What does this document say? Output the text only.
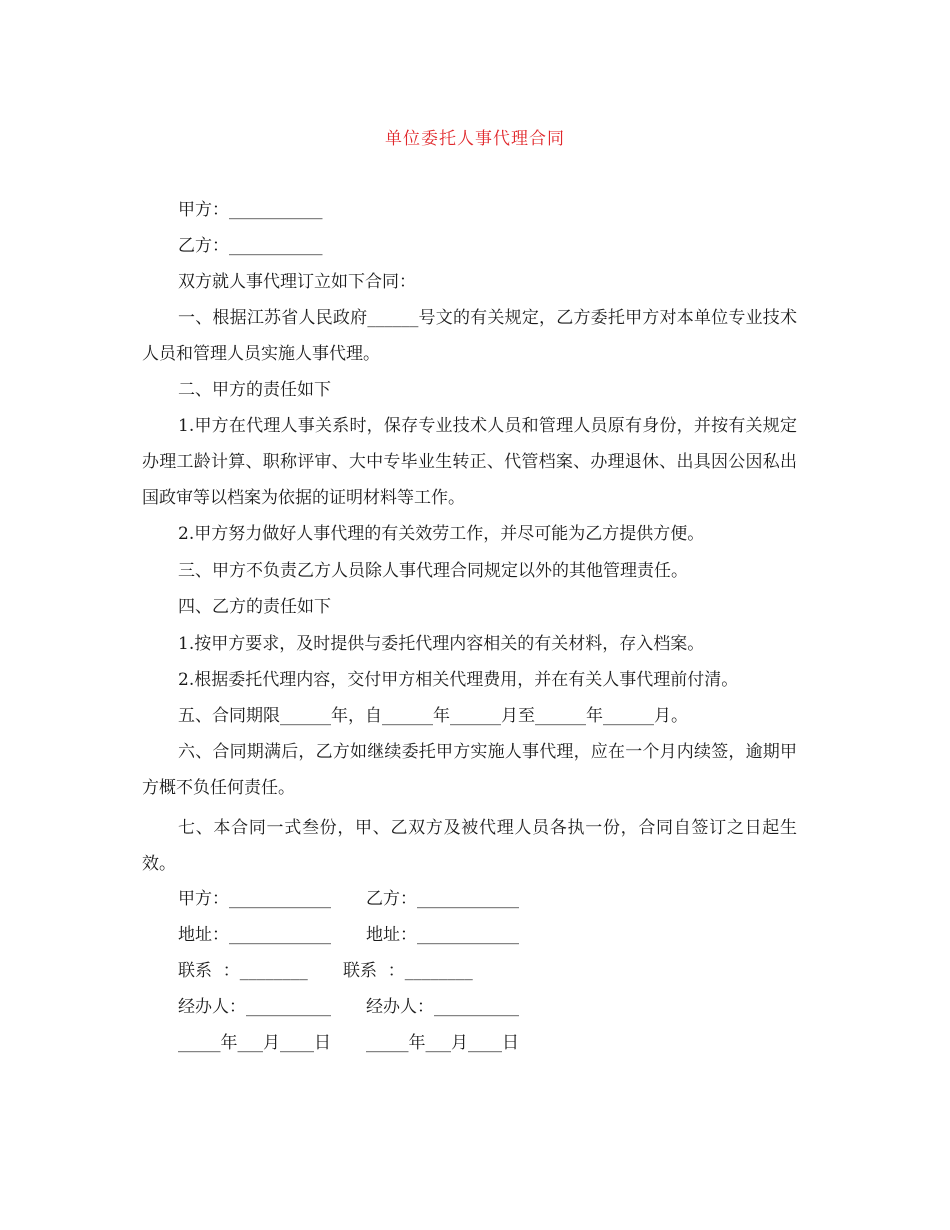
单位委托人事代理合同
甲方：___________
乙方：___________
双方就人事代理订立如下合同：
一、根据江苏省人民政府______号文的有关规定，乙方委托甲方对本单位专业技术人员和管理人员实施人事代理。
二、甲方的责任如下
1.甲方在代理人事关系时，保存专业技术人员和管理人员原有身份，并按有关规定办理工龄计算、职称评审、大中专毕业生转正、代管档案、办理退休、出具因公因私出国政审等以档案为依据的证明材料等工作。
2.甲方努力做好人事代理的有关效劳工作，并尽可能为乙方提供方便。
三、甲方不负责乙方人员除人事代理合同规定以外的其他管理责任。
四、乙方的责任如下
1.按甲方要求，及时提供与委托代理内容相关的有关材料，存入档案。
2.根据委托代理内容，交付甲方相关代理费用，并在有关人事代理前付清。
五、合同期限______年，自______年______月至______年______月。
六、合同期满后，乙方如继续委托甲方实施人事代理，应在一个月内续签，逾期甲方概不负任何责任。
七、本合同一式叁份，甲、乙双方及被代理人员各执一份，合同自签订之日起生效。
甲方：____________ 乙方：____________
地址：____________ 地址：____________
联系  ：________ 联系  ：________
经办人：__________ 经办人：__________
_____年___月____日 _____年___月____日
